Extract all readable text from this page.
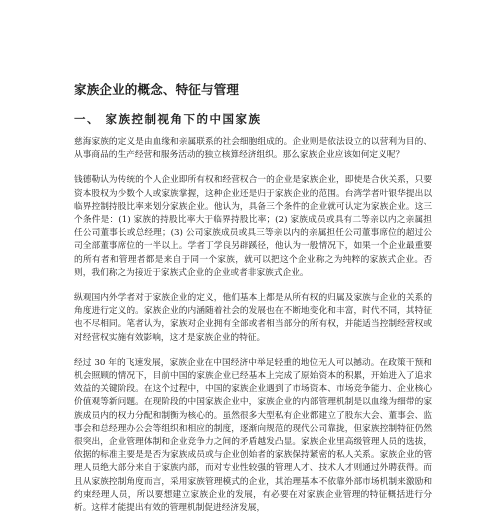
家族企业的概念、特征与管理
一、 家族控制视角下的中国家族

慈海家族的定义是由血缘和亲属联系的社会细胞组成的。企业则是依法设立的以营利为目的、从事商品的生产经营和服务活动的独立核算经济组织。那么家族企业应该如何定义呢？

钱德勒认为传统的个人企业即所有权和经营权合一的企业是家族企业，即使是合伙关系，只要资本股权为少数个人或家族掌握，这种企业还是归于家族企业的范围。台湾学者叶银华提出以临界控制持股比率来划分家族企业。他认为，具备三个条件的企业就可认定为家族企业。这三个条件是：(1) 家族的持股比率大于临界持股比率；(2) 家族成员或具有二等亲以内之亲属担任公司董事长或总经理；(3) 公司家族成员或具三等亲以内的亲属担任公司董事席位的超过公司全部董事席位的一半以上。学者丁学良另辟蹊径，他认为一般情况下，如果一个企业最重要的所有者和管理者都是来自于同一个家族，就可以把这个企业称之为纯粹的家族式企业。否则，我们称之为接近于家族式企业的企业或者非家族式企业。

纵观国内外学者对于家族企业的定义，他们基本上都是从所有权的归属及家族与企业的关系的角度进行定义的。家族企业的内涵随着社会的发展也在不断地变化和丰富，时代不同，其特征也不尽相同。笔者认为，家族对企业拥有全部或者相当部分的所有权，并能适当控制经营权或对经营权实施有效影响，这才是家族企业的特征。

经过 30 年的飞速发展，家族企业在中国经济中举足轻重的地位无人可以撼动。在政策干预和机会照顾的情况下，目前中国的家族企业已经基本上完成了原始资本的积累，开始进入了追求效益的关键阶段。在这个过程中，中国的家族企业遇到了市场资本、市场竞争能力、企业核心价值观等新问题。在现阶段的中国家族企业中，家族企业的内部管理机制是以血缘为细带的家族成员内的权力分配和制衡为核心的。虽然很多大型私有企业都建立了股东大会、董事会、监事会和总经理办公会等组织和相应的制度，逐渐向规范的现代公司靠拢，但家族控制特征仍然很突出，企业管理体制和企业竞争力之间的矛盾越发凸显。家族企业里高级管理人员的选拔，依据的标准主要是是否为家族成员或与企业创始者的家族保持紧密的私人关系。家族企业的管理人员绝大部分来自于家族内部，而对专业性较强的管理人才、技术人才则通过外聘获得。而且从家族控制角度而言，采用家族管理模式的企业，其治理基本不依靠外部市场机制来激励和约束经理人员，所以要想建立家族企业的发展，有必要在对家族企业管理的特征概括进行分析。这样才能提出有效的管理机制促进经济发展，
